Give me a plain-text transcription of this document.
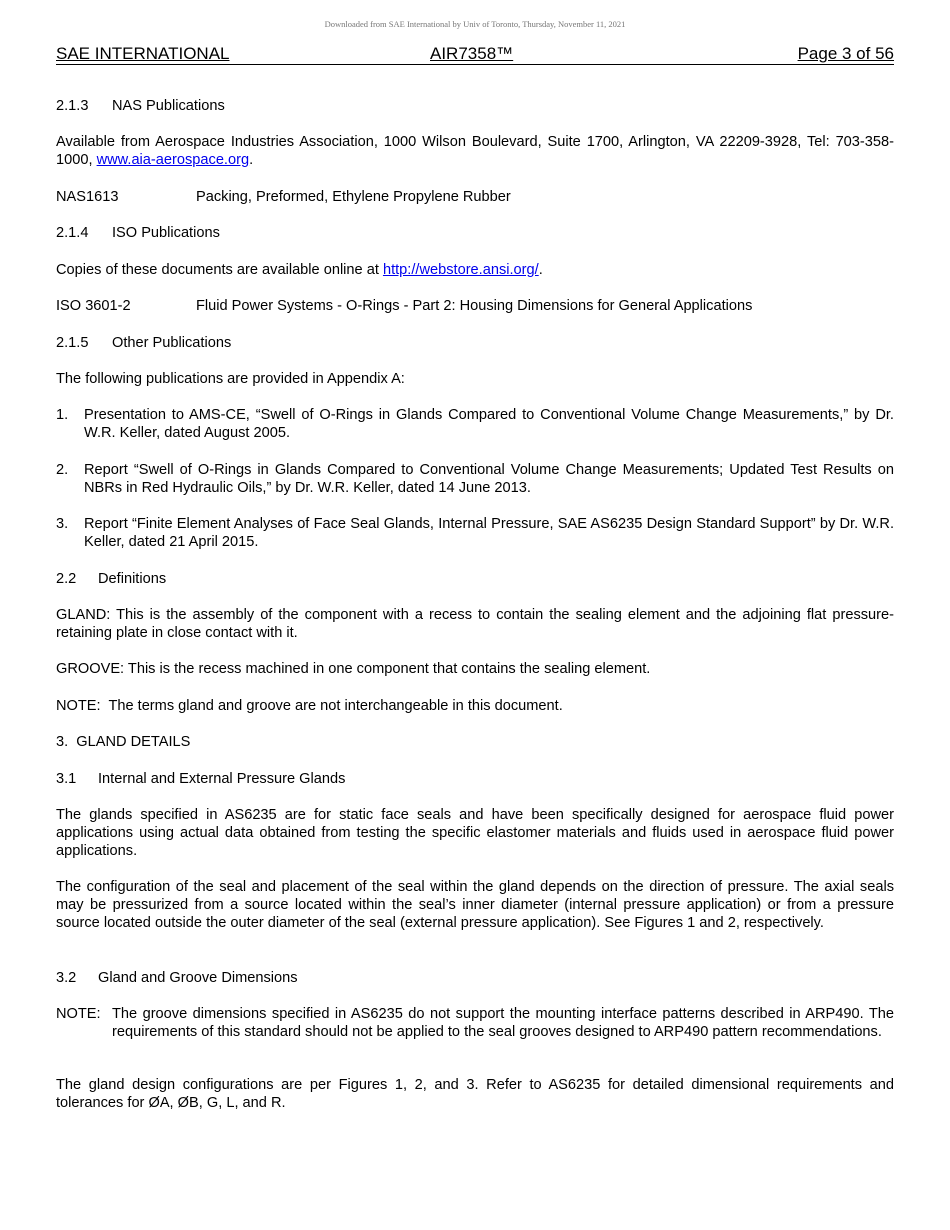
Downloaded from SAE International by Univ of Toronto, Thursday, November 11, 2021
SAE INTERNATIONAL	AIR7358™	Page 3 of 56
2.1.3 NAS Publications
Available from Aerospace Industries Association, 1000 Wilson Boulevard, Suite 1700, Arlington, VA 22209-3928, Tel: 703-358-1000, www.aia-aerospace.org.
NAS1613	Packing, Preformed, Ethylene Propylene Rubber
2.1.4 ISO Publications
Copies of these documents are available online at http://webstore.ansi.org/.
ISO 3601-2	Fluid Power Systems - O-Rings - Part 2: Housing Dimensions for General Applications
2.1.5 Other Publications
The following publications are provided in Appendix A:
1. Presentation to AMS-CE, “Swell of O-Rings in Glands Compared to Conventional Volume Change Measurements,” by Dr. W.R. Keller, dated August 2005.
2. Report “Swell of O-Rings in Glands Compared to Conventional Volume Change Measurements; Updated Test Results on NBRs in Red Hydraulic Oils,” by Dr. W.R. Keller, dated 14 June 2013.
3. Report “Finite Element Analyses of Face Seal Glands, Internal Pressure, SAE AS6235 Design Standard Support” by Dr. W.R. Keller, dated 21 April 2015.
2.2 Definitions
GLAND: This is the assembly of the component with a recess to contain the sealing element and the adjoining flat pressure-retaining plate in close contact with it.
GROOVE: This is the recess machined in one component that contains the sealing element.
NOTE:  The terms gland and groove are not interchangeable in this document.
3.  GLAND DETAILS
3.1 Internal and External Pressure Glands
The glands specified in AS6235 are for static face seals and have been specifically designed for aerospace fluid power applications using actual data obtained from testing the specific elastomer materials and fluids used in aerospace fluid power applications.
The configuration of the seal and placement of the seal within the gland depends on the direction of pressure. The axial seals may be pressurized from a source located within the seal’s inner diameter (internal pressure application) or from a pressure source located outside the outer diameter of the seal (external pressure application). See Figures 1 and 2, respectively.
3.2 Gland and Groove Dimensions
NOTE: The groove dimensions specified in AS6235 do not support the mounting interface patterns described in ARP490. The requirements of this standard should not be applied to the seal grooves designed to ARP490 pattern recommendations.
The gland design configurations are per Figures 1, 2, and 3. Refer to AS6235 for detailed dimensional requirements and tolerances for ØA, ØB, G, L, and R.
